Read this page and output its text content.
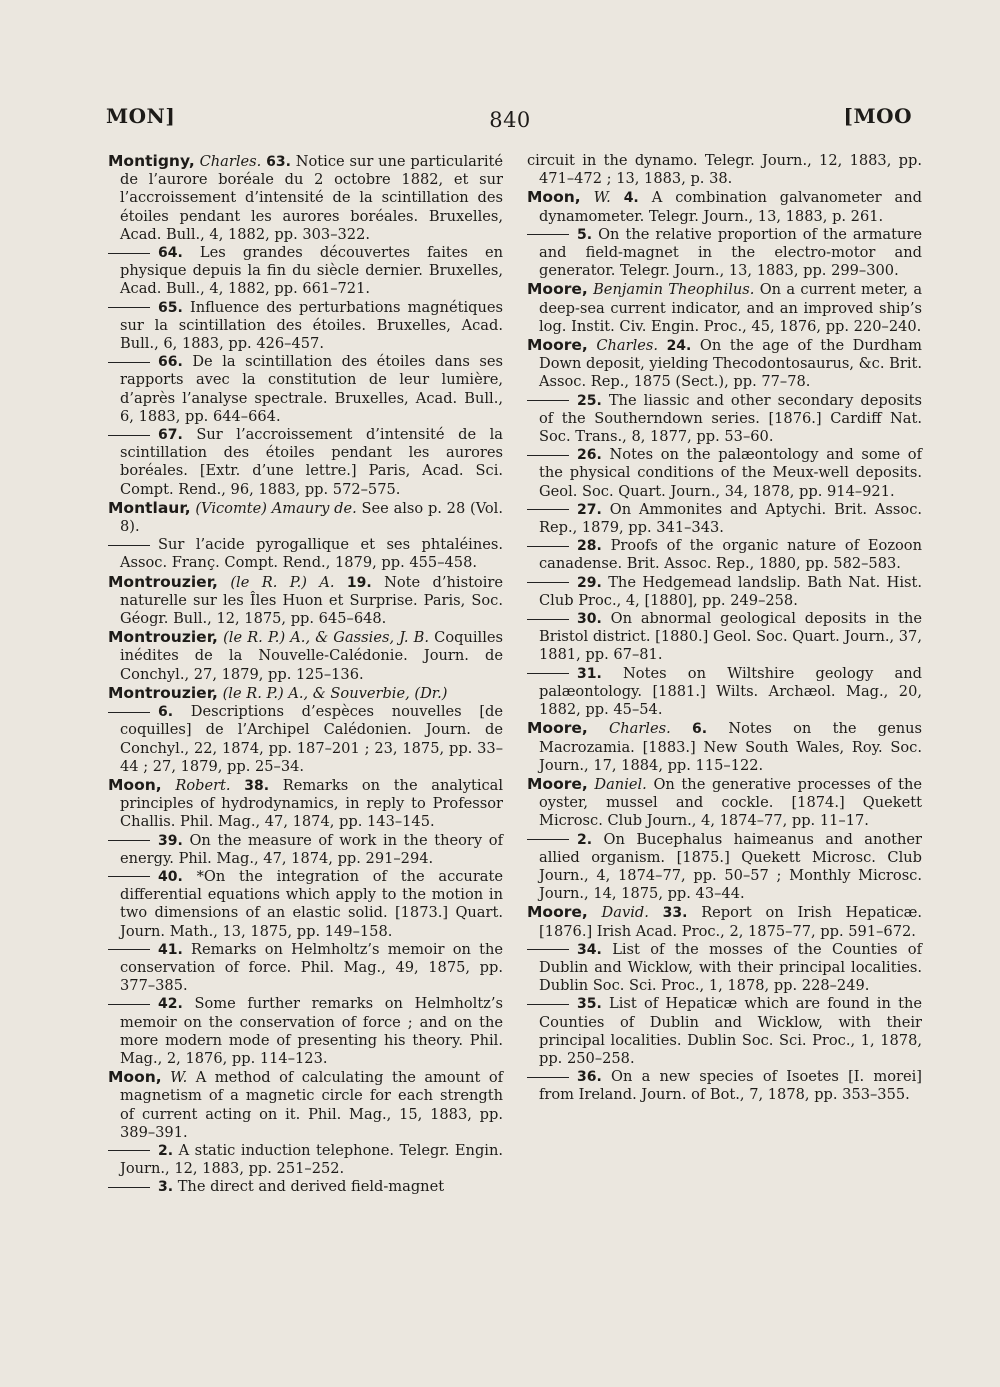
MON]	840	[MOO
Montigny, Charles. 63. Notice sur une particularité de l’aurore boréale du 2 octobre 1882, et sur l’accroissement d’intensité de la scintillation des étoiles pendant les aurores boréales. Bruxelles, Acad. Bull., 4, 1882, pp. 303–322.
64. Les grandes découvertes faites en physique depuis la fin du siècle dernier. Bruxelles, Acad. Bull., 4, 1882, pp. 661–721.
65. Influence des perturbations magnétiques sur la scintillation des étoiles. Bruxelles, Acad. Bull., 6, 1883, pp. 426–457.
66. De la scintillation des étoiles dans ses rapports avec la constitution de leur lumière, d’après l’analyse spectrale. Bruxelles, Acad. Bull., 6, 1883, pp. 644–664.
67. Sur l’accroissement d’intensité de la scintillation des étoiles pendant les aurores boréales. [Extr. d’une lettre.] Paris, Acad. Sci. Compt. Rend., 96, 1883, pp. 572–575.
Montlaur, (Vicomte) Amaury de. See also p. 28 (Vol. 8).
Sur l’acide pyrogallique et ses phtaléines. Assoc. Franç. Compt. Rend., 1879, pp. 455–458.
Montrouzier, (le R. P.) A. 19. Note d’histoire naturelle sur les Îles Huon et Surprise. Paris, Soc. Géogr. Bull., 12, 1875, pp. 645–648.
Montrouzier, (le R. P.) A., & Gassies, J. B. Coquilles inédites de la Nouvelle-Calédonie. Journ. de Conchyl., 27, 1879, pp. 125–136.
Montrouzier, (le R. P.) A., & Souverbie, (Dr.)
6. Descriptions d’espèces nouvelles [de coquilles] de l’Archipel Calédonien. Journ. de Conchyl., 22, 1874, pp. 187–201 ; 23, 1875, pp. 33–44 ; 27, 1879, pp. 25–34.
Moon, Robert. 38. Remarks on the analytical principles of hydrodynamics, in reply to Professor Challis. Phil. Mag., 47, 1874, pp. 143–145.
39. On the measure of work in the theory of energy. Phil. Mag., 47, 1874, pp. 291–294.
40. *On the integration of the accurate differential equations which apply to the motion in two dimensions of an elastic solid. [1873.] Quart. Journ. Math., 13, 1875, pp. 149–158.
41. Remarks on Helmholtz’s memoir on the conservation of force. Phil. Mag., 49, 1875, pp. 377–385.
42. Some further remarks on Helmholtz’s memoir on the conservation of force ; and on the more modern mode of presenting his theory. Phil. Mag., 2, 1876, pp. 114–123.
Moon, W. A method of calculating the amount of magnetism of a magnetic circle for each strength of current acting on it. Phil. Mag., 15, 1883, pp. 389–391.
2. A static induction telephone. Telegr. Engin. Journ., 12, 1883, pp. 251–252.
3. The direct and derived field-magnet
circuit in the dynamo. Telegr. Journ., 12, 1883, pp. 471–472 ; 13, 1883, p. 38.
Moon, W. 4. A combination galvanometer and dynamometer. Telegr. Journ., 13, 1883, p. 261.
5. On the relative proportion of the armature and field-magnet in the electro-motor and generator. Telegr. Journ., 13, 1883, pp. 299–300.
Moore, Benjamin Theophilus. On a current meter, a deep-sea current indicator, and an improved ship’s log. Instit. Civ. Engin. Proc., 45, 1876, pp. 220–240.
Moore, Charles. 24. On the age of the Durdham Down deposit, yielding Thecodontosaurus, &c. Brit. Assoc. Rep., 1875 (Sect.), pp. 77–78.
25. The liassic and other secondary deposits of the Southerndown series. [1876.] Cardiff Nat. Soc. Trans., 8, 1877, pp. 53–60.
26. Notes on the palæontology and some of the physical conditions of the Meux-well deposits. Geol. Soc. Quart. Journ., 34, 1878, pp. 914–921.
27. On Ammonites and Aptychi. Brit. Assoc. Rep., 1879, pp. 341–343.
28. Proofs of the organic nature of Eozoon canadense. Brit. Assoc. Rep., 1880, pp. 582–583.
29. The Hedgemead landslip. Bath Nat. Hist. Club Proc., 4, [1880], pp. 249–258.
30. On abnormal geological deposits in the Bristol district. [1880.] Geol. Soc. Quart. Journ., 37, 1881, pp. 67–81.
31. Notes on Wiltshire geology and palæontology. [1881.] Wilts. Archæol. Mag., 20, 1882, pp. 45–54.
Moore, Charles. 6. Notes on the genus Macrozamia. [1883.] New South Wales, Roy. Soc. Journ., 17, 1884, pp. 115–122.
Moore, Daniel. On the generative processes of the oyster, mussel and cockle. [1874.] Quekett Microsc. Club Journ., 4, 1874–77, pp. 11–17.
2. On Bucephalus haimeanus and another allied organism. [1875.] Quekett Microsc. Club Journ., 4, 1874–77, pp. 50–57 ; Monthly Microsc. Journ., 14, 1875, pp. 43–44.
Moore, David. 33. Report on Irish Hepaticæ. [1876.] Irish Acad. Proc., 2, 1875–77, pp. 591–672.
34. List of the mosses of the Counties of Dublin and Wicklow, with their principal localities. Dublin Soc. Sci. Proc., 1, 1878, pp. 228–249.
35. List of Hepaticæ which are found in the Counties of Dublin and Wicklow, with their principal localities. Dublin Soc. Sci. Proc., 1, 1878, pp. 250–258.
36. On a new species of Isoetes [I. morei] from Ireland. Journ. of Bot., 7, 1878, pp. 353–355.
